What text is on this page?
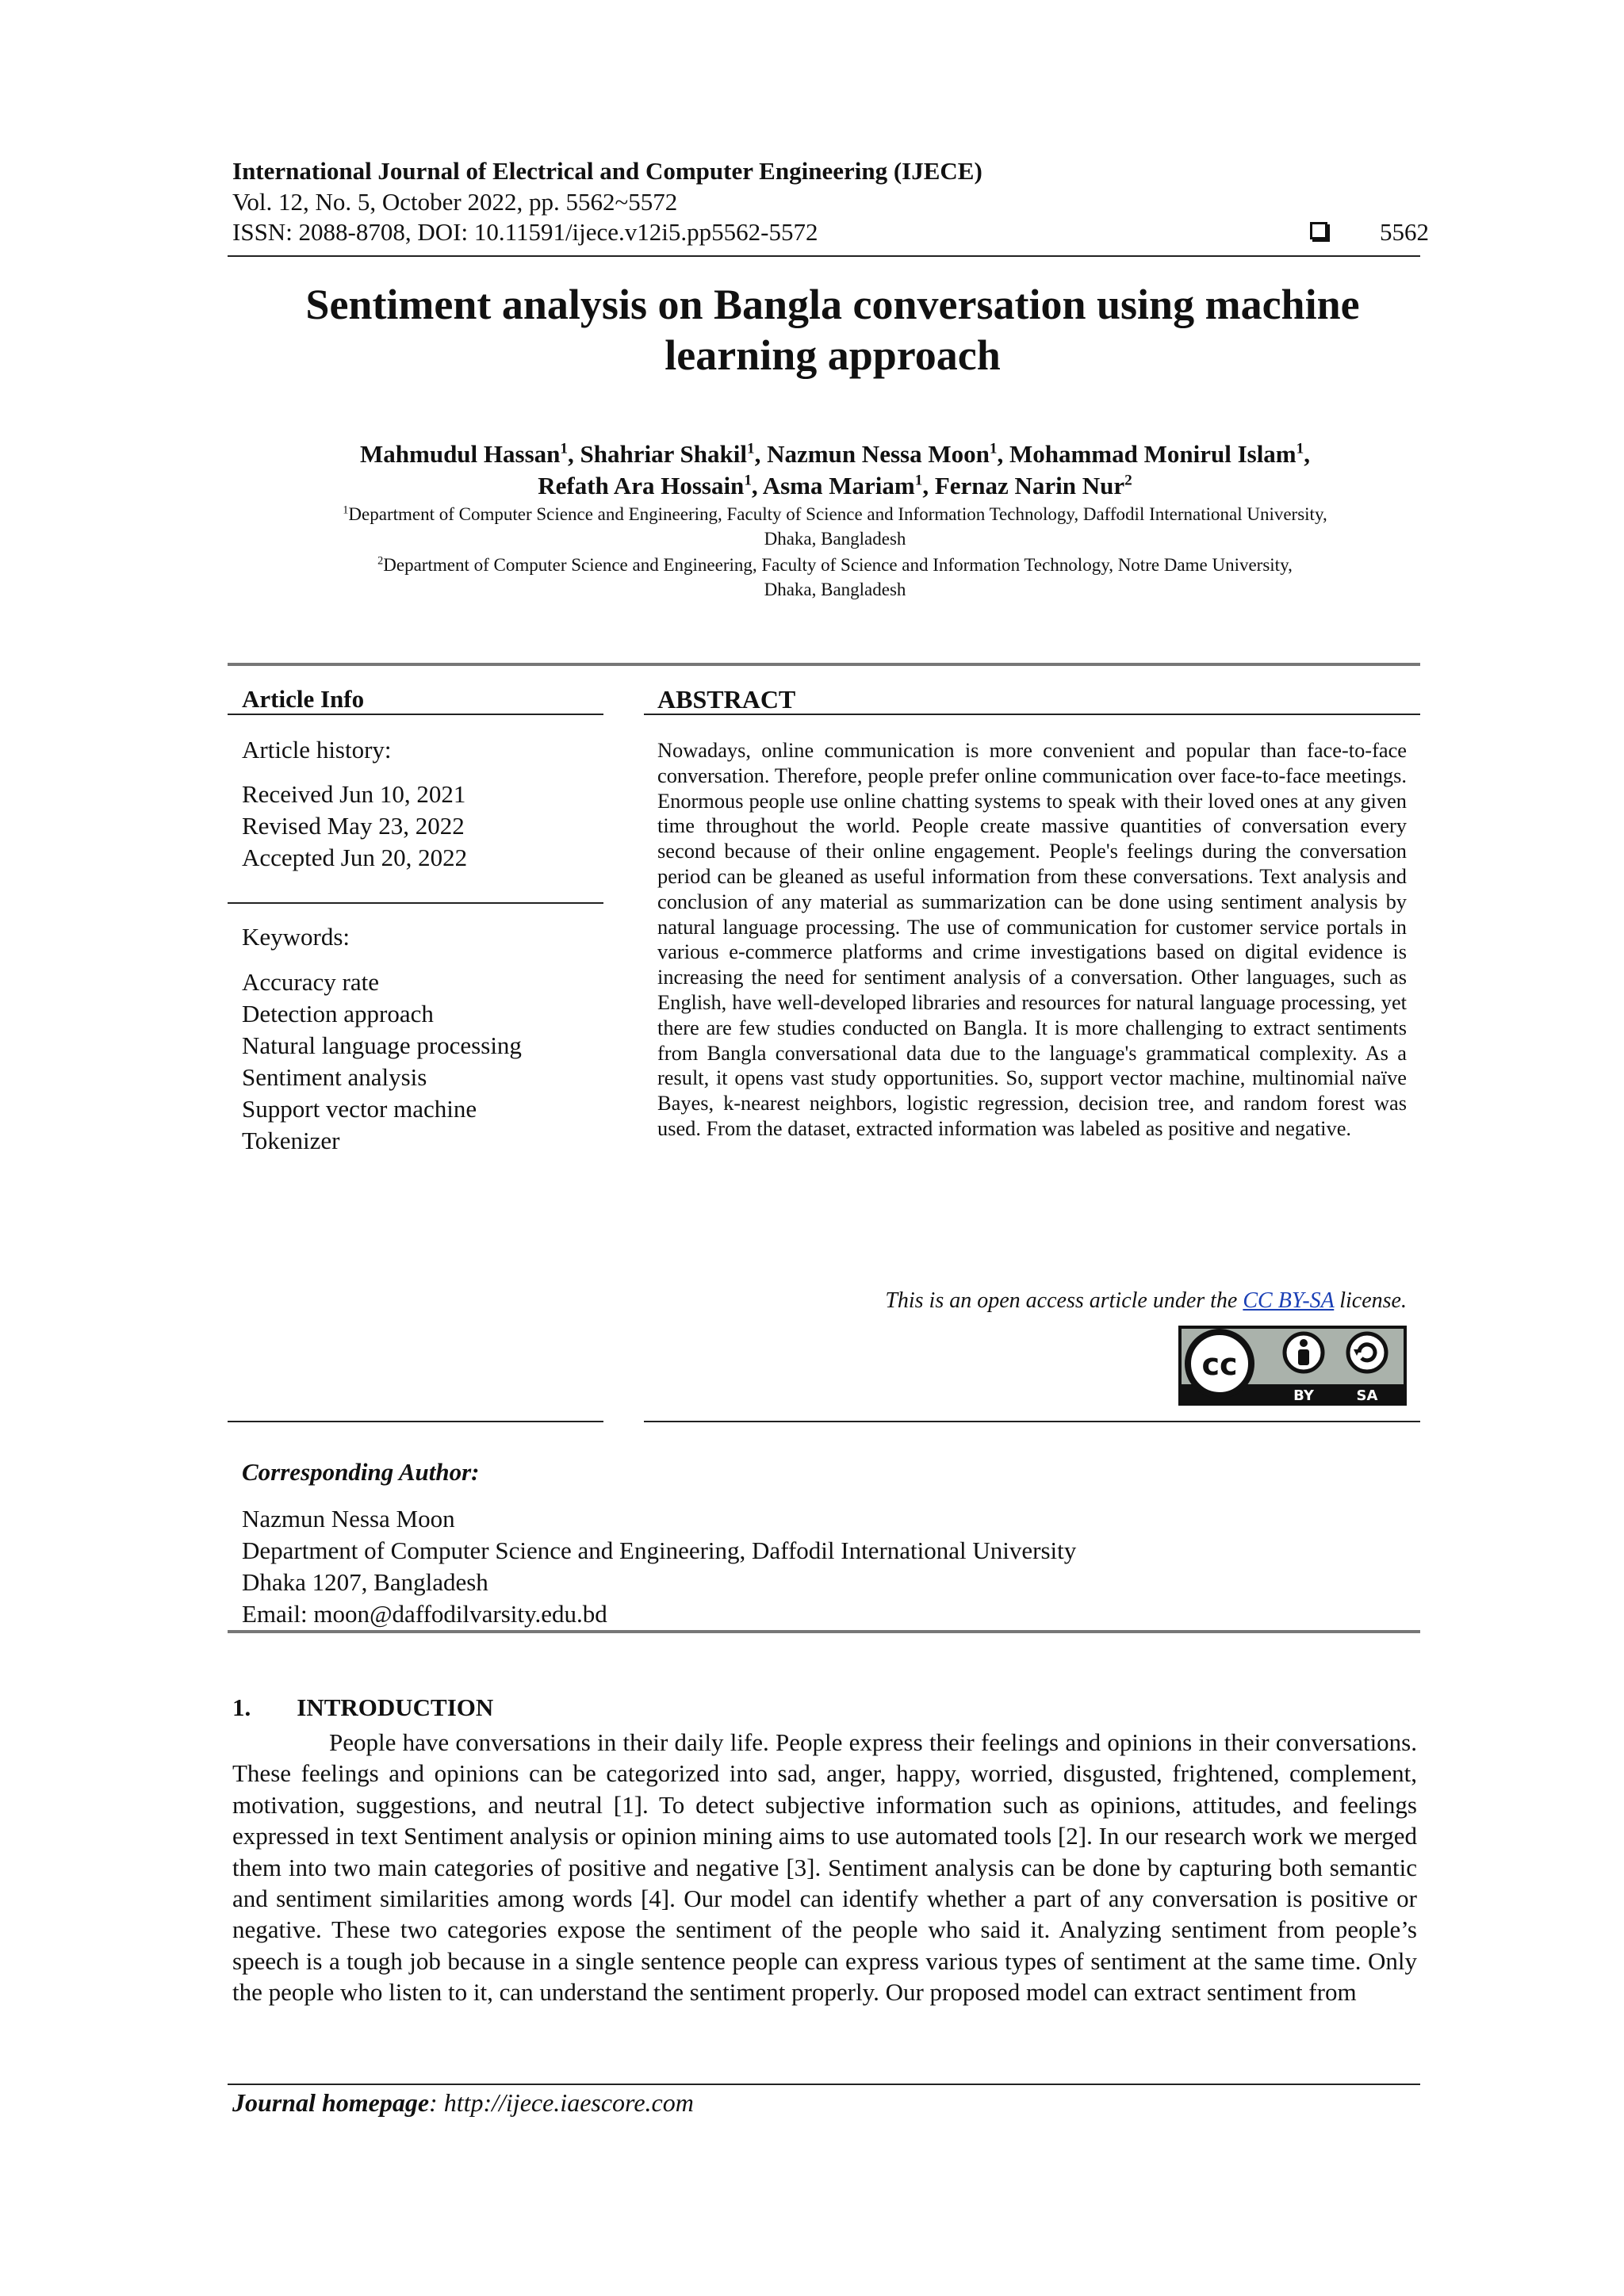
International Journal of Electrical and Computer Engineering (IJECE)
Vol. 12, No. 5, October 2022, pp. 5562~5572
ISSN: 2088-8708, DOI: 10.11591/ijece.v12i5.pp5562-5572	5562
Sentiment analysis on Bangla conversation using machine
learning approach
Mahmudul Hassan$^1$, Shahriar Shakil$^1$, Nazmun Nessa Moon$^1$, Mohammad Monirul Islam$^1$,
Refath Ara Hossain$^1$, Asma Mariam$^1$, Fernaz Narin Nur$^2$
$^1$Department of Computer Science and Engineering, Faculty of Science and Information Technology, Daffodil International University,
Dhaka, Bangladesh
$^2$Department of Computer Science and Engineering, Faculty of Science and Information Technology, Notre Dame University,
Dhaka, Bangladesh
Article Info
Article history:
Received Jun 10, 2021
Revised May 23, 2022
Accepted Jun 20, 2022
Keywords:
Accuracy rate
Detection approach
Natural language processing
Sentiment analysis
Support vector machine
Tokenizer
ABSTRACT
Nowadays, online communication is more convenient and popular than face-to-face conversation. Therefore, people prefer online communication over face-to-face meetings. Enormous people use online chatting systems to speak with their loved ones at any given time throughout the world. People create massive quantities of conversation every second because of their online engagement. People's feelings during the conversation period can be gleaned as useful information from these conversations. Text analysis and conclusion of any material as summarization can be done using sentiment analysis by natural language processing. The use of communication for customer service portals in various e-commerce platforms and crime investigations based on digital evidence is increasing the need for sentiment analysis of a conversation. Other languages, such as English, have well-developed libraries and resources for natural language processing, yet there are few studies conducted on Bangla. It is more challenging to extract sentiments from Bangla conversational data due to the language's grammatical complexity. As a result, it opens vast study opportunities. So, support vector machine, multinomial naïve Bayes, k-nearest neighbors, logistic regression, decision tree, and random forest was used. From the dataset, extracted information was labeled as positive and negative.
This is an open access article under the CC BY-SA license.
cc
BY	SA
Corresponding Author:
Nazmun Nessa Moon
Department of Computer Science and Engineering, Daffodil International University
Dhaka 1207, Bangladesh
Email: moon@daffodilvarsity.edu.bd
1. INTRODUCTION
People have conversations in their daily life. People express their feelings and opinions in their conversations. These feelings and opinions can be categorized into sad, anger, happy, worried, disgusted, frightened, complement, motivation, suggestions, and neutral [1]. To detect subjective information such as opinions, attitudes, and feelings expressed in text Sentiment analysis or opinion mining aims to use automated tools [2]. In our research work we merged them into two main categories of positive and negative [3]. Sentiment analysis can be done by capturing both semantic and sentiment similarities among words [4]. Our model can identify whether a part of any conversation is positive or negative. These two categories expose the sentiment of the people who said it. Analyzing sentiment from people’s speech is a tough job because in a single sentence people can express various types of sentiment at the same time. Only the people who listen to it, can understand the sentiment properly. Our proposed model can extract sentiment from
Journal homepage: http://ijece.iaescore.com
